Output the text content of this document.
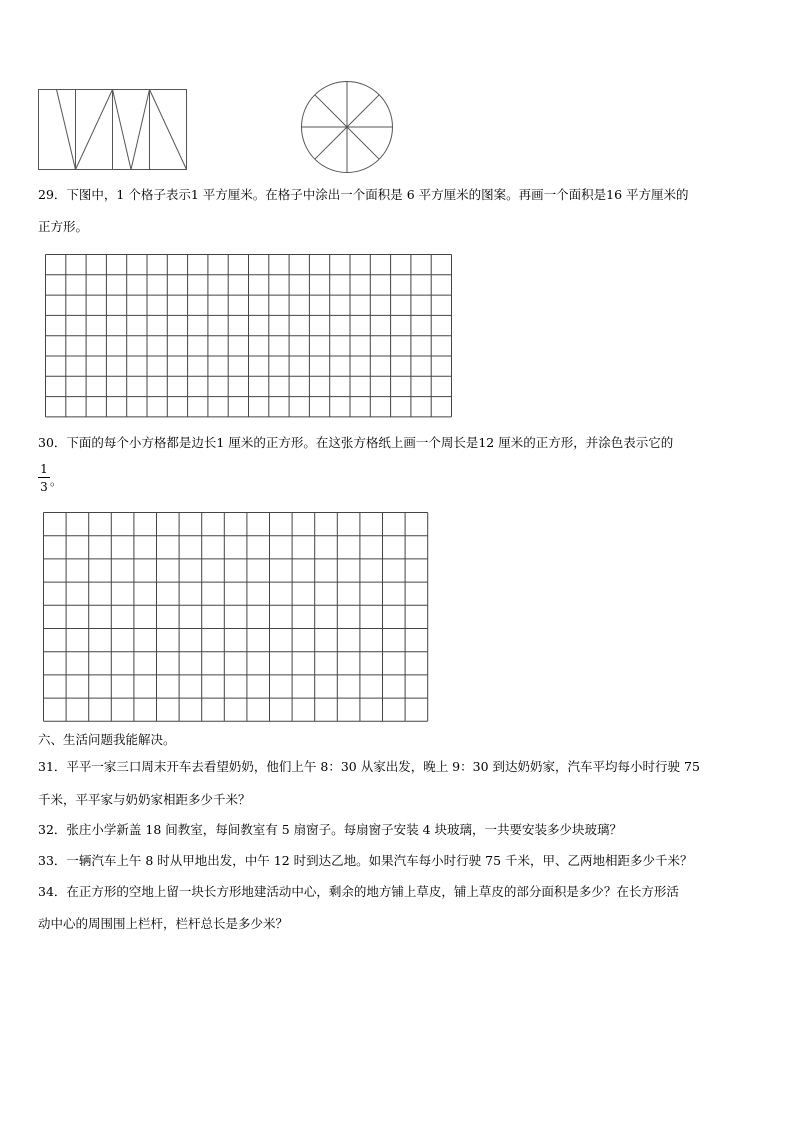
29．下图中，1 个格子表示1 平方厘米。在格子中涂出一个面积是 6 平方厘米的图案。再画一个面积是16 平方厘米的
正方形。
30．下面的每个小方格都是边长1 厘米的正方形。在这张方格纸上画一个周长是12 厘米的正方形，并涂色表示它的
1
3 。
六、生活问题我能解决。
31．平平一家三口周末开车去看望奶奶，他们上午 8：30 从家出发，晚上 9：30 到达奶奶家，汽车平均每小时行驶 75
千米，平平家与奶奶家相距多少千米？
32．张庄小学新盖 18 间教室，每间教室有 5 扇窗子。每扇窗子安装 4 块玻璃，一共要安装多少块玻璃？
33．一辆汽车上午 8 时从甲地出发，中午 12 时到达乙地。如果汽车每小时行驶 75 千米，甲、乙两地相距多少千米？
34．在正方形的空地上留一块长方形地建活动中心，剩余的地方铺上草皮，铺上草皮的部分面积是多少？在长方形活
动中心的周围围上栏杆，栏杆总长是多少米？
